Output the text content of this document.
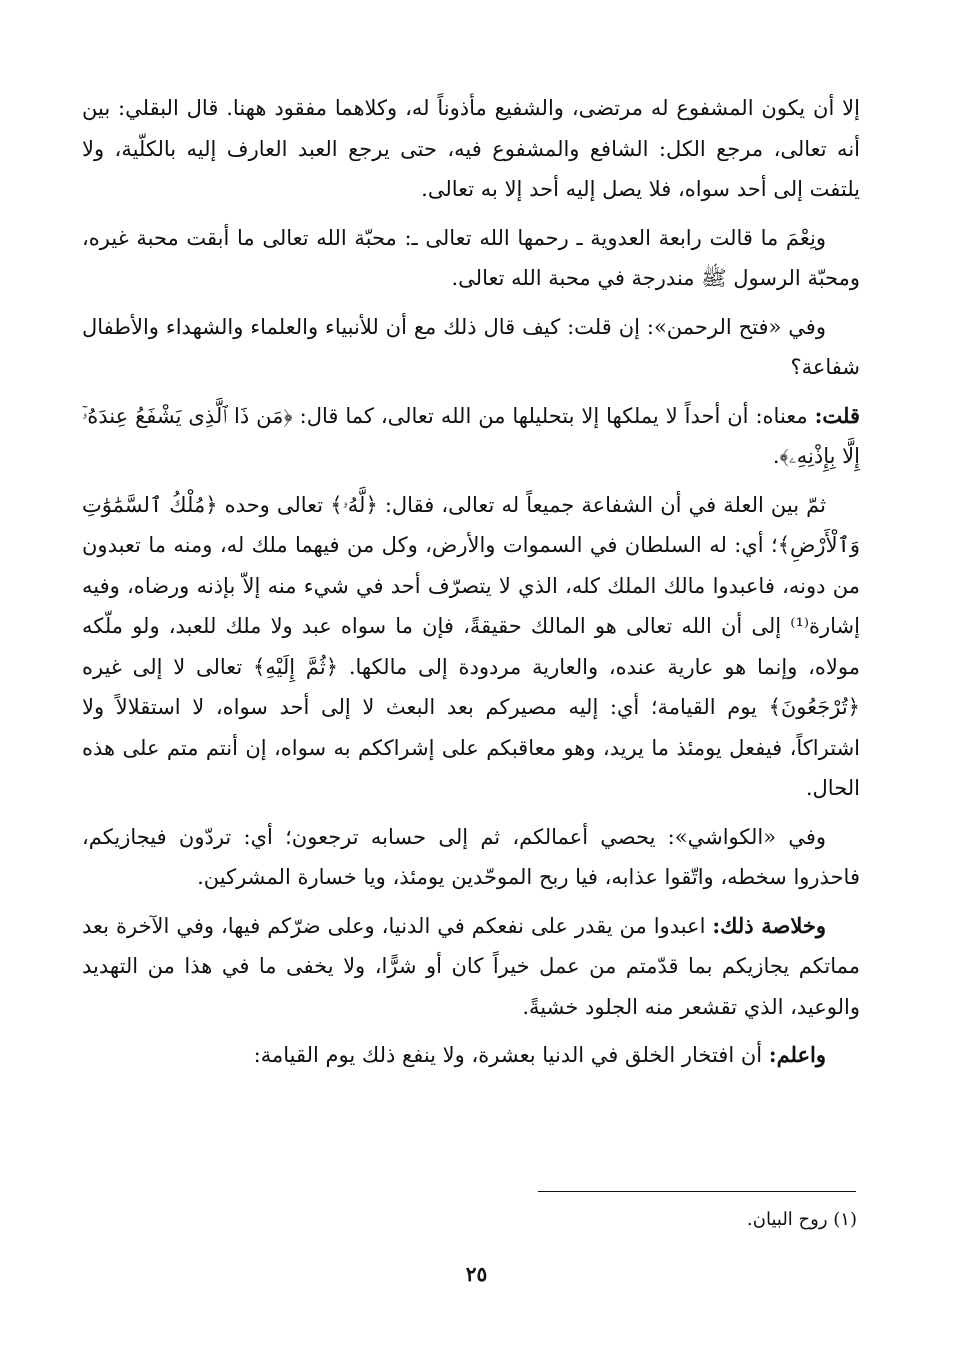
إلا أن يكون المشفوع له مرتضى، والشفيع مأذوناً له، وكلاهما مفقود ههنا. قال البقلي: بين أنه تعالى، مرجع الكل: الشافع والمشفوع فيه، حتى يرجع العبد العارف إليه بالكلّية، ولا يلتفت إلى أحد سواه، فلا يصل إليه أحد إلا به تعالى.

ونِعْمَ ما قالت رابعة العدوية ـ رحمها الله تعالى ـ: محبّة الله تعالى ما أبقت محبة غيره، ومحبّة الرسول ﷺ مندرجة في محبة الله تعالى.

وفي «فتح الرحمن»: إن قلت: كيف قال ذلك مع أن للأنبياء والعلماء والشهداء والأطفال شفاعة؟

قلت: معناه: أن أحداً لا يملكها إلا بتحليلها من الله تعالى، كما قال: ﴿مَن ذَا ٱلَّذِى يَشْفَعُ عِندَهُۥٓ إِلَّا بِإِذْنِهِۦ﴾.

ثمّ بين العلة في أن الشفاعة جميعاً له تعالى، فقال: ﴿لَّهُۥ﴾ تعالى وحده ﴿مُلْكُ ٱلسَّمَٰوَٰتِ وَٱلْأَرْضِ﴾؛ أي: له السلطان في السموات والأرض، وكل من فيهما ملك له، ومنه ما تعبدون من دونه، فاعبدوا مالك الملك كله، الذي لا يتصرّف أحد في شيء منه إلاّ بإذنه ورضاه، وفيه إشارة⁽¹⁾ إلى أن الله تعالى هو المالك حقيقةً، فإن ما سواه عبد ولا ملك للعبد، ولو ملّكه مولاه، وإنما هو عارية عنده، والعارية مردودة إلى مالكها. ﴿ثُمَّ إِلَيْهِ﴾ تعالى لا إلى غيره ﴿تُرْجَعُونَ﴾ يوم القيامة؛ أي: إليه مصيركم بعد البعث لا إلى أحد سواه، لا استقلالاً ولا اشتراكاً، فيفعل يومئذ ما يريد، وهو معاقبكم على إشراككم به سواه، إن أنتم متم على هذه الحال.

وفي «الكواشي»: يحصي أعمالكم، ثم إلى حسابه ترجعون؛ أي: تردّون فيجازيكم، فاحذروا سخطه، واتّقوا عذابه، فيا ربح الموحّدين يومئذ، ويا خسارة المشركين.

وخلاصة ذلك: اعبدوا من يقدر على نفعكم في الدنيا، وعلى ضرّكم فيها، وفي الآخرة بعد مماتكم يجازيكم بما قدّمتم من عمل خيراً كان أو شرًّا، ولا يخفى ما في هذا من التهديد والوعيد، الذي تقشعر منه الجلود خشيةً.

واعلم: أن افتخار الخلق في الدنيا بعشرة، ولا ينفع ذلك يوم القيامة:

(١) روح البيان.
٢٥
